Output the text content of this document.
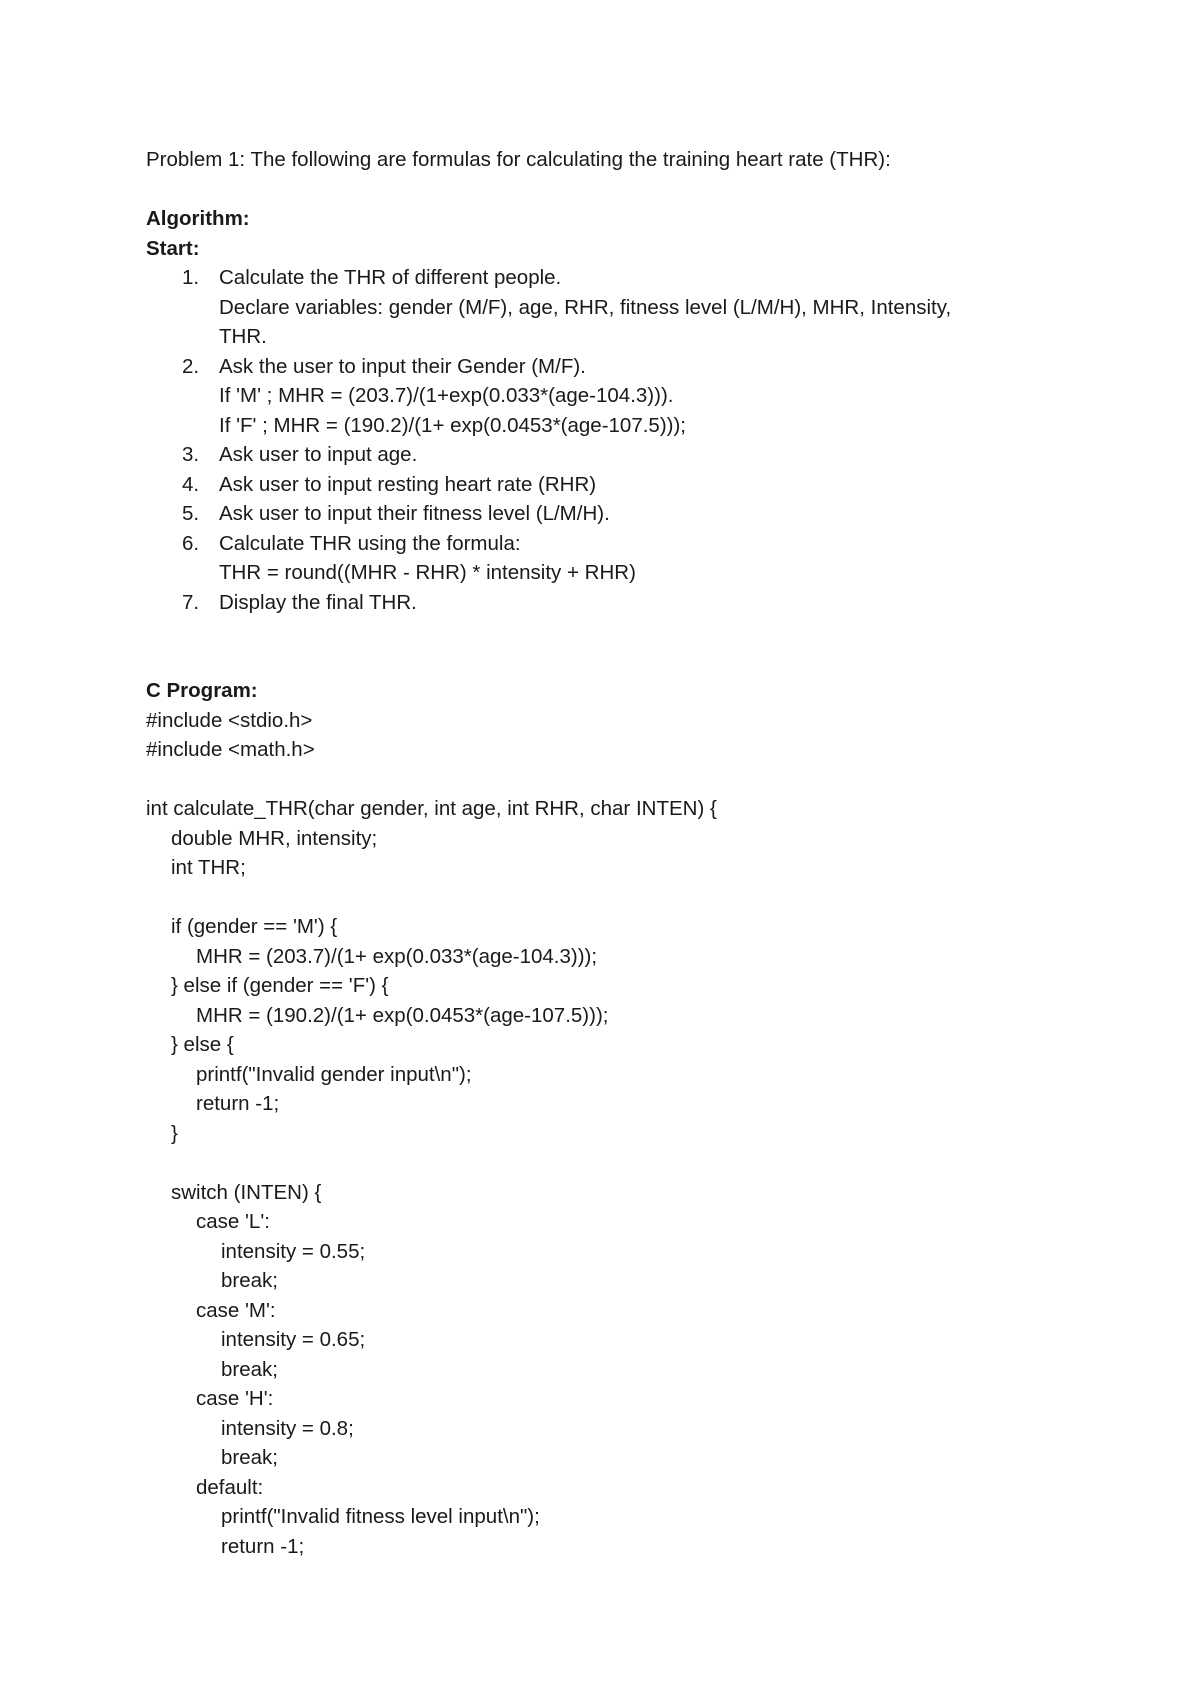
Problem 1: The following are formulas for calculating the training heart rate (THR):
Algorithm:
Start:
1. Calculate the THR of different people.
Declare variables: gender (M/F), age, RHR, fitness level (L/M/H), MHR, Intensity,
THR.
2. Ask the user to input their Gender (M/F).
If 'M' ; MHR = (203.7)/(1+exp(0.033*(age-104.3))).
If 'F' ; MHR = (190.2)/(1+ exp(0.0453*(age-107.5)));
3. Ask user to input age.
4. Ask user to input resting heart rate (RHR)
5. Ask user to input their fitness level (L/M/H).
6. Calculate THR using the formula:
THR = round((MHR - RHR) * intensity + RHR)
7. Display the final THR.
C Program:
#include <stdio.h>
#include <math.h>
int calculate_THR(char gender, int age, int RHR, char INTEN) {
double MHR, intensity;
int THR;
if (gender == 'M') {
MHR = (203.7)/(1+ exp(0.033*(age-104.3)));
} else if (gender == 'F') {
MHR = (190.2)/(1+ exp(0.0453*(age-107.5)));
} else {
printf("Invalid gender input\n");
return -1;
}
switch (INTEN) {
case 'L':
intensity = 0.55;
break;
case 'M':
intensity = 0.65;
break;
case 'H':
intensity = 0.8;
break;
default:
printf("Invalid fitness level input\n");
return -1;
